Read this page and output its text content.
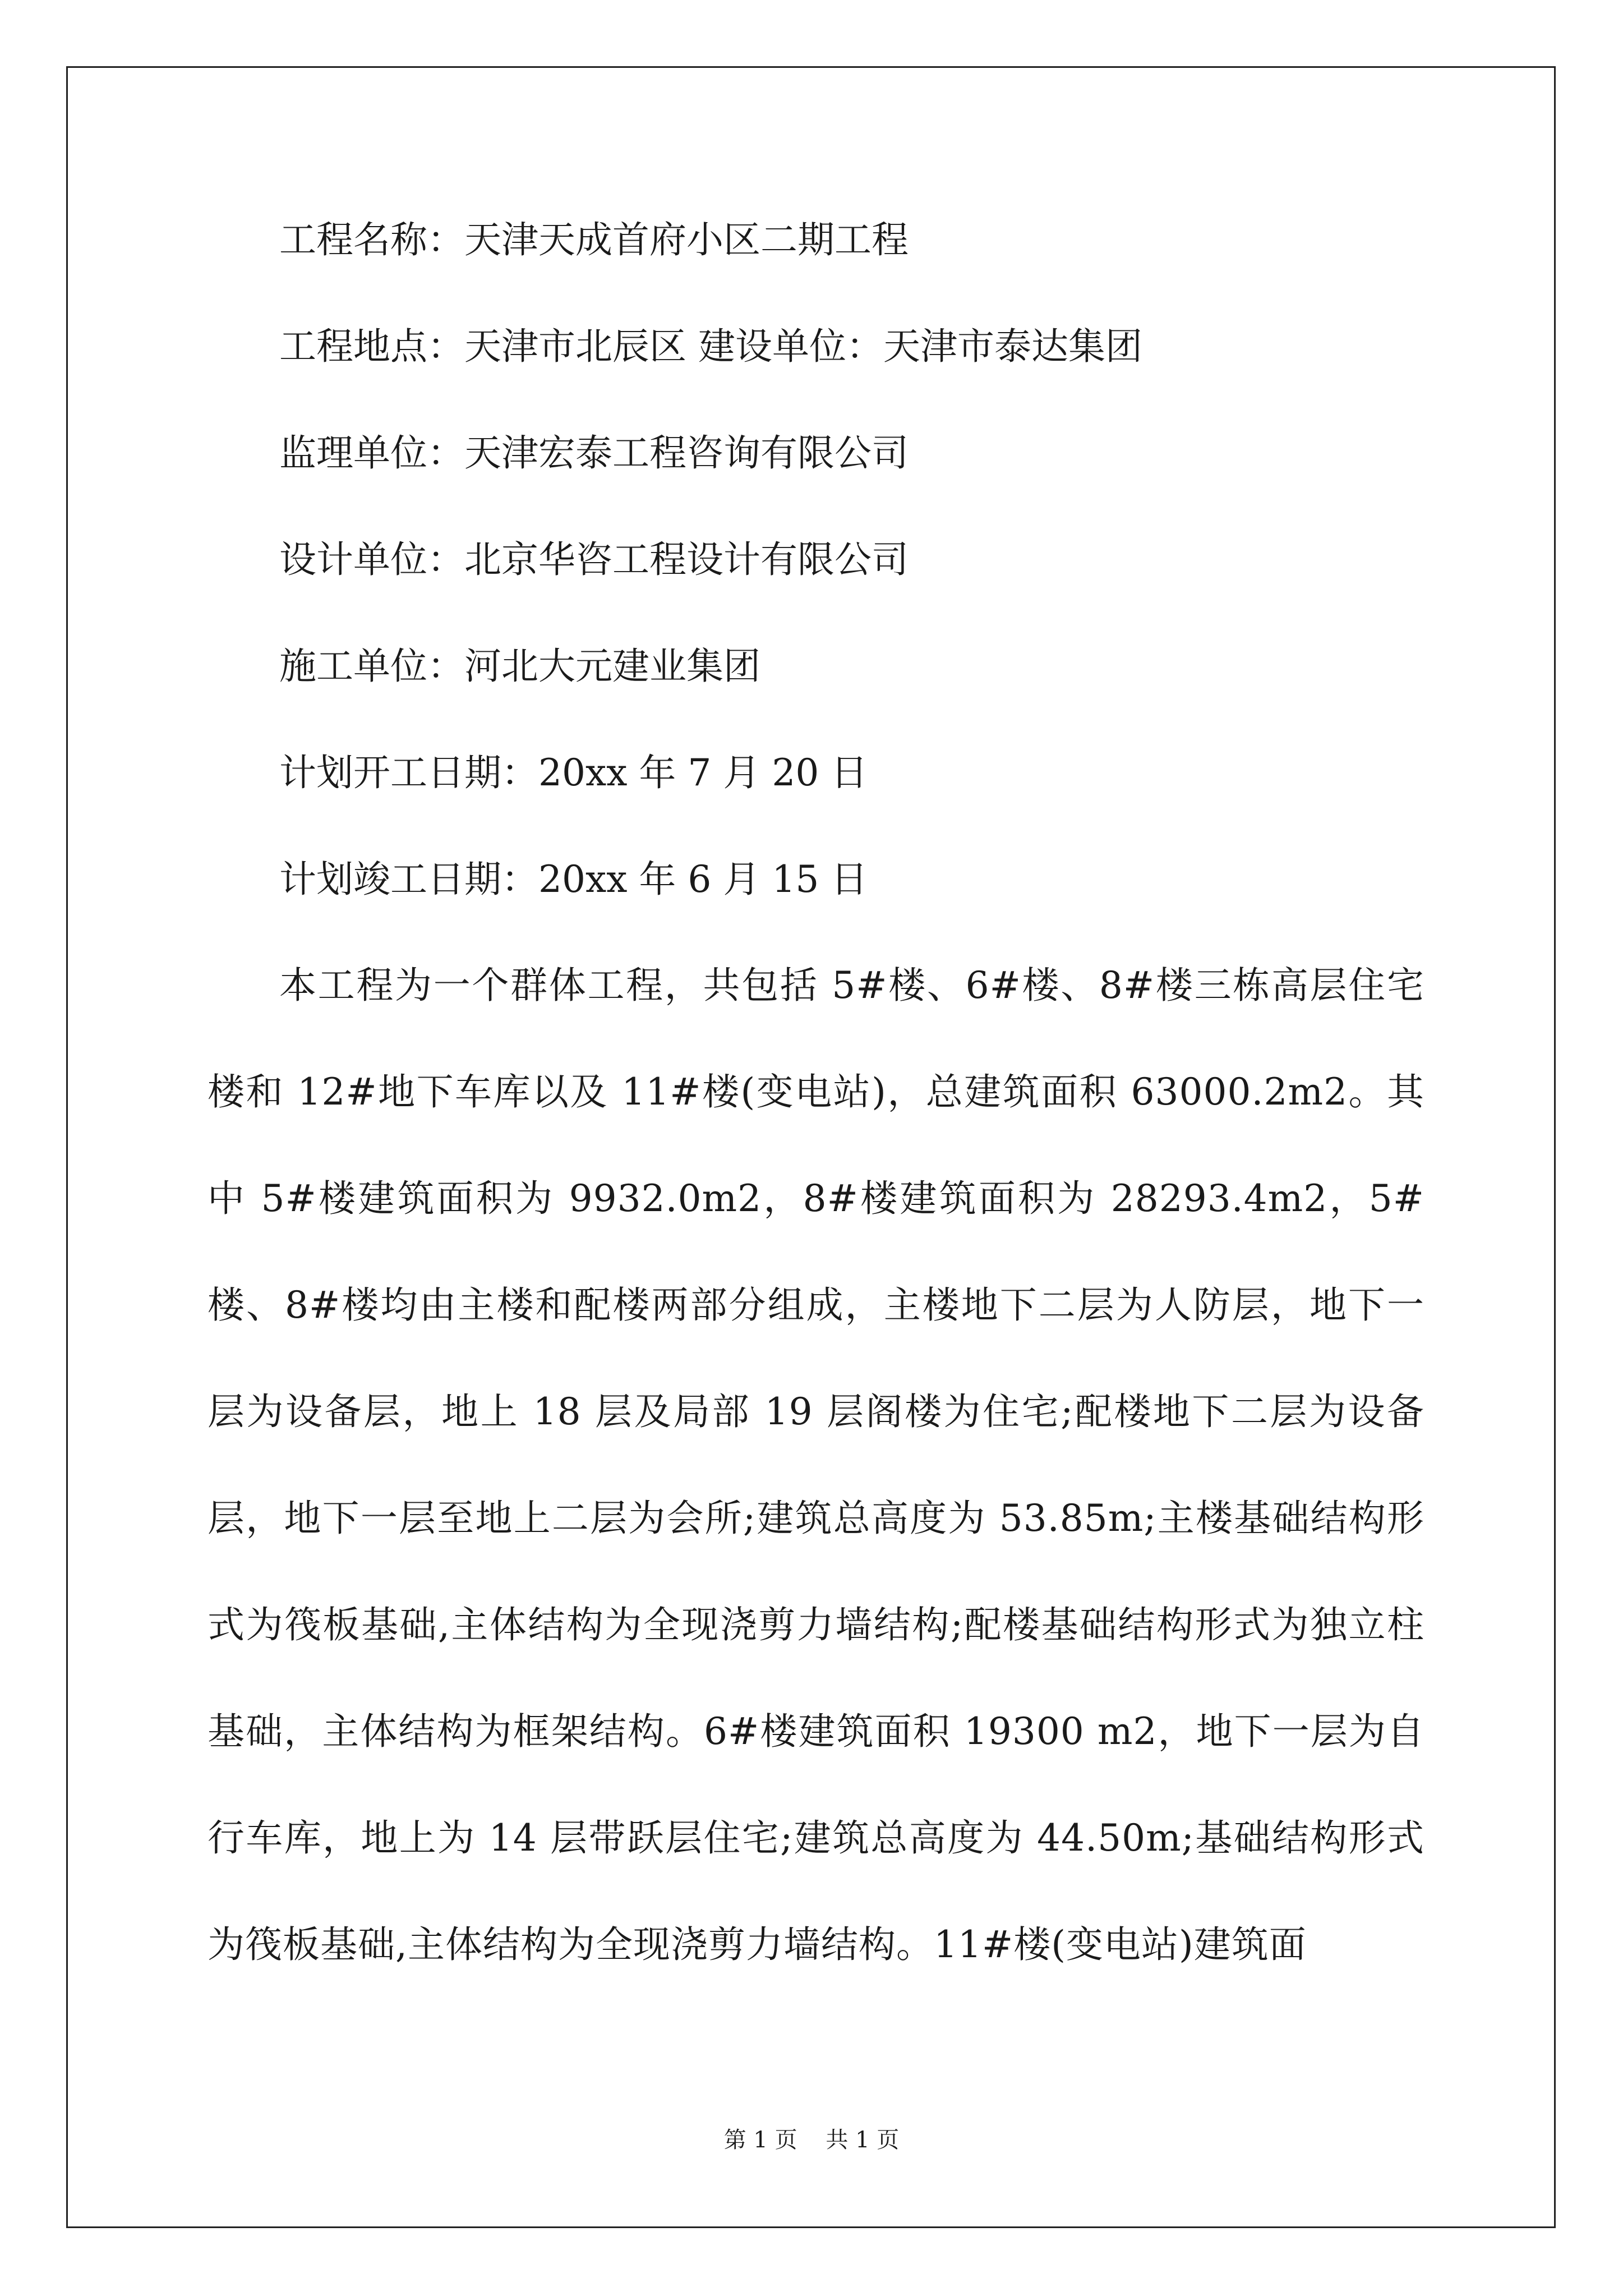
工程名称：天津天成首府小区二期工程
工程地点：天津市北辰区 建设单位：天津市泰达集团
监理单位：天津宏泰工程咨询有限公司
设计单位：北京华咨工程设计有限公司
施工单位：河北大元建业集团
计划开工日期：20xx 年 7 月 20 日
计划竣工日期：20xx 年 6 月 15 日

本工程为一个群体工程，共包括 5#楼、6#楼、8#楼三栋高层住宅楼和 12#地下车库以及 11#楼(变电站)，总建筑面积 63000.2m2。其中 5#楼建筑面积为 9932.0m2，8#楼建筑面积为 28293.4m2，5#楼、8#楼均由主楼和配楼两部分组成，主楼地下二层为人防层，地下一层为设备层，地上 18 层及局部 19 层阁楼为住宅;配楼地下二层为设备层，地下一层至地上二层为会所;建筑总高度为 53.85m;主楼基础结构形式为筏板基础,主体结构为全现浇剪力墙结构;配楼基础结构形式为独立柱基础，主体结构为框架结构。6#楼建筑面积 19300 m2，地下一层为自行车库，地上为 14 层带跃层住宅;建筑总高度为 44.50m;基础结构形式为筏板基础,主体结构为全现浇剪力墙结构。11#楼(变电站)建筑面

第 1 页    共 1 页
